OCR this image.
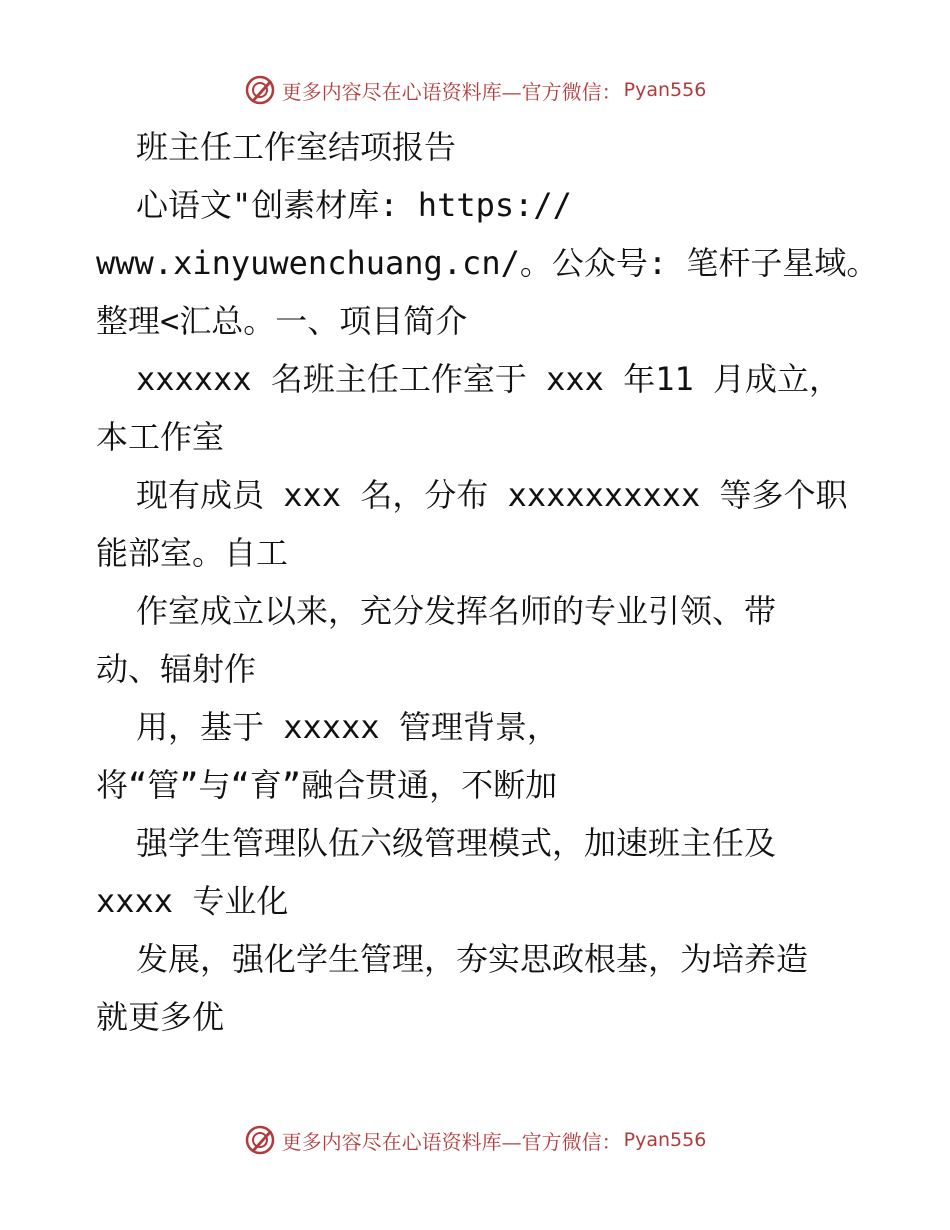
更多内容尽在心语资料库—官方微信： Pyan556
班主任工作室结项报告
心语文"创素材库: https://
www.xinyuwenchuang.cn/。公众号: 笔杆子星域。
整理<汇总。一、项目简介
xxxxxx 名班主任工作室于 xxx 年11 月成立，
本工作室
现有成员 xxx 名，分布 xxxxxxxxxx 等多个职
能部室。自工
作室成立以来，充分发挥名师的专业引领、带
动、辐射作
用，基于 xxxxx 管理背景，
将“管”与“育”融合贯通，不断加
强学生管理队伍六级管理模式，加速班主任及
xxxx 专业化
发展，强化学生管理，夯实思政根基，为培养造
就更多优
更多内容尽在心语资料库—官方微信： Pyan556
